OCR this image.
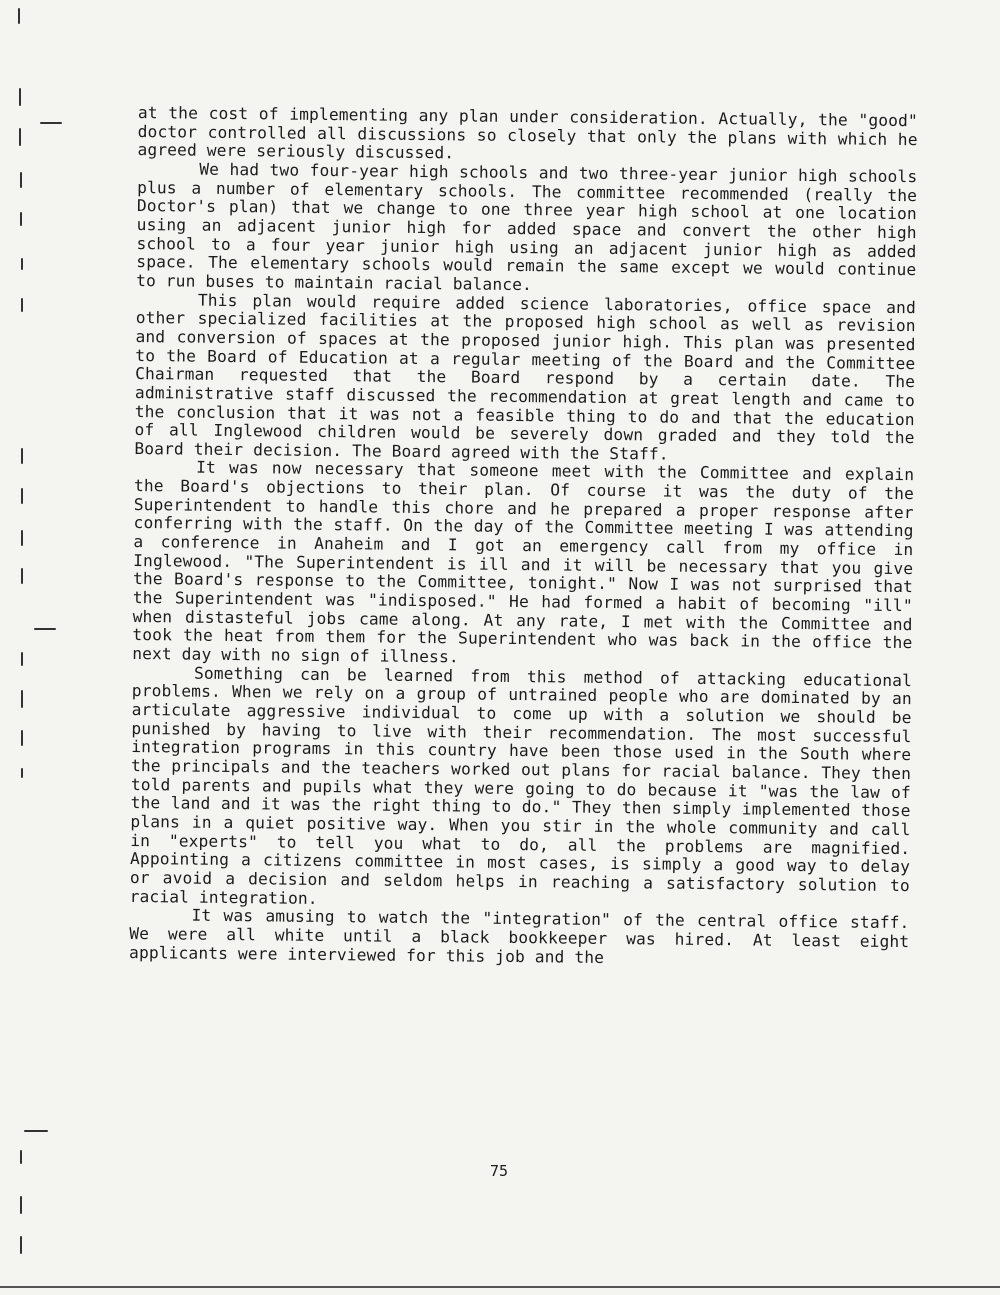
at the cost of implementing any plan under consideration. Actually, the "good" doctor controlled all discussions so closely that only the plans with which he agreed were seriously discussed.

We had two four-year high schools and two three-year junior high schools plus a number of elementary schools. The committee recommended (really the Doctor's plan) that we change to one three year high school at one location using an adjacent junior high for added space and convert the other high school to a four year junior high using an adjacent junior high as added space. The elementary schools would remain the same except we would continue to run buses to maintain racial balance.

This plan would require added science laboratories, office space and other specialized facilities at the proposed high school as well as revision and conversion of spaces at the proposed junior high. This plan was presented to the Board of Education at a regular meeting of the Board and the Committee Chairman requested that the Board respond by a certain date. The administrative staff discussed the recommendation at great length and came to the conclusion that it was not a feasible thing to do and that the education of all Inglewood children would be severely down graded and they told the Board their decision. The Board agreed with the Staff.

It was now necessary that someone meet with the Committee and explain the Board's objections to their plan. Of course it was the duty of the Superintendent to handle this chore and he prepared a proper response after conferring with the staff. On the day of the Committee meeting I was attending a conference in Anaheim and I got an emergency call from my office in Inglewood. "The Superintendent is ill and it will be necessary that you give the Board's response to the Committee, tonight." Now I was not surprised that the Superintendent was "indisposed." He had formed a habit of becoming "ill" when distasteful jobs came along. At any rate, I met with the Committee and took the heat from them for the Superintendent who was back in the office the next day with no sign of illness.

Something can be learned from this method of attacking educational problems. When we rely on a group of untrained people who are dominated by an articulate aggressive individual to come up with a solution we should be punished by having to live with their recommendation. The most successful integration programs in this country have been those used in the South where the principals and the teachers worked out plans for racial balance. They then told parents and pupils what they were going to do because it "was the law of the land and it was the right thing to do." They then simply implemented those plans in a quiet positive way. When you stir in the whole community and call in "experts" to tell you what to do, all the problems are magnified. Appointing a citizens committee in most cases, is simply a good way to delay or avoid a decision and seldom helps in reaching a satisfactory solution to racial integration.

It was amusing to watch the "integration" of the central office staff. We were all white until a black bookkeeper was hired. At least eight applicants were interviewed for this job and the

75
